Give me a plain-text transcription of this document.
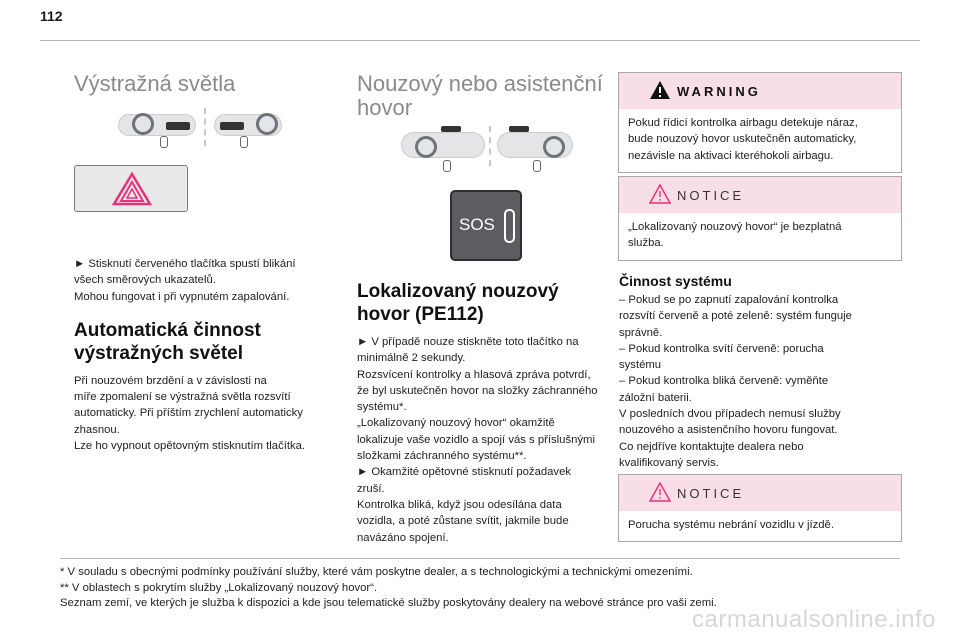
112
Výstražná světla
► Stisknutí červeného tlačítka spustí blikání
všech směrových ukazatelů.
Mohou fungovat i při vypnutém zapalování.
Automatická činnost
výstražných světel
Při nouzovém brzdění a v závislosti na
míře zpomalení se výstražná světla rozsvítí
automaticky. Při příštím zrychlení automaticky
zhasnou.
Lze ho vypnout opětovným stisknutím tlačítka.
Nouzový nebo asistenční
hovor
SOS
Lokalizovaný nouzový
hovor (PE112)
► V případě nouze stiskněte toto tlačítko na
minimálně 2 sekundy.
Rozsvícení kontrolky a hlasová zpráva potvrdí,
že byl uskutečněn hovor na složky záchranného
systému*.
„Lokalizovaný nouzový hovor“ okamžitě
lokalizuje vaše vozidlo a spojí vás s příslušnými
složkami záchranného systému**.
► Okamžité opětovné stisknutí požadavek
zruší.
Kontrolka bliká, když jsou odesílána data
vozidla, a poté zůstane svítit, jakmile bude
navázáno spojení.
WARNING
Pokud řídicí kontrolka airbagu detekuje náraz,
bude nouzový hovor uskutečněn automaticky,
nezávisle na aktivaci kteréhokoli airbagu.
NOTICE
„Lokalizovaný nouzový hovor“ je bezplatná
služba.
Činnost systému
– Pokud se po zapnutí zapalování kontrolka
rozsvítí červeně a poté zeleně: systém funguje
správně.
– Pokud kontrolka svítí červeně: porucha
systému
– Pokud kontrolka bliká červeně: vyměňte
záložní baterii.
V posledních dvou případech nemusí služby
nouzového a asistenčního hovoru fungovat.
Co nejdříve kontaktujte dealera nebo
kvalifikovaný servis.
NOTICE
Porucha systému nebrání vozidlu v jízdě.
* V souladu s obecnými podmínky používání služby, které vám poskytne dealer, a s technologickými a technickými omezeními.
** V oblastech s pokrytím služby „Lokalizovaný nouzový hovor“.
Seznam zemí, ve kterých je služba k dispozici a kde jsou telematické služby poskytovány dealery na webové stránce pro vaši zemi.
carmanualsonline.info
